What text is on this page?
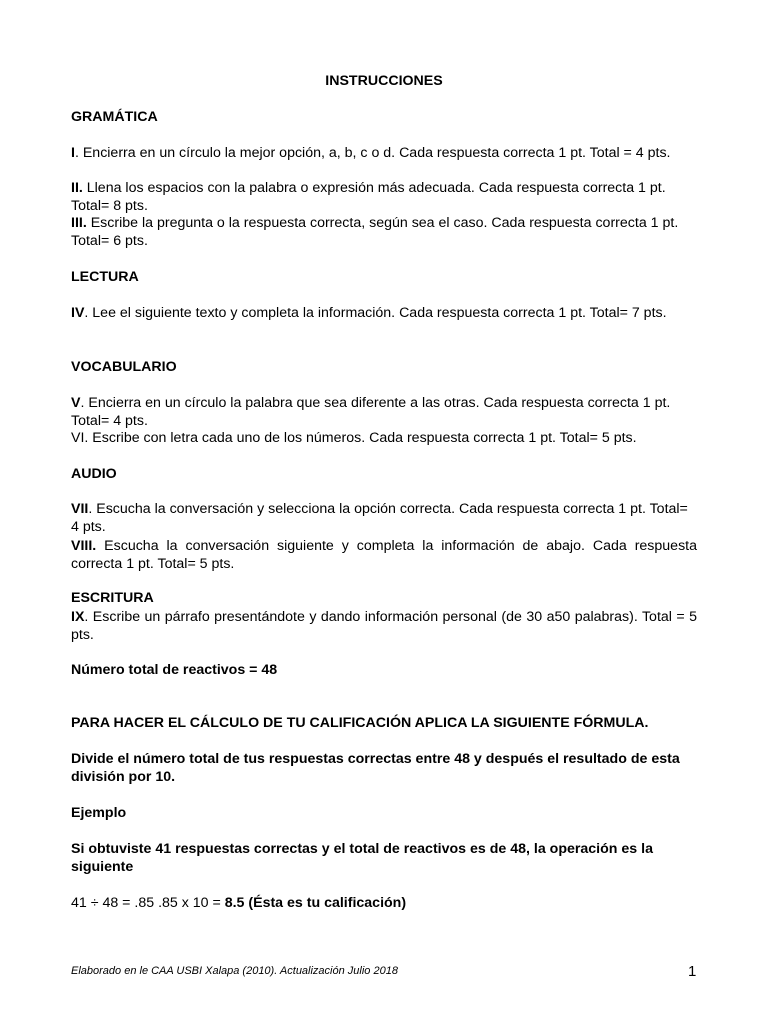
INSTRUCCIONES
GRAMÁTICA
I. Encierra en un círculo la mejor opción, a, b, c o d. Cada respuesta correcta 1 pt. Total = 4 pts.
II. Llena los espacios con la palabra o expresión más adecuada. Cada respuesta correcta 1 pt. Total= 8 pts.
III. Escribe la pregunta o la respuesta correcta, según sea el caso. Cada respuesta correcta 1 pt. Total= 6 pts.
LECTURA
IV. Lee el siguiente texto y completa la información. Cada respuesta correcta 1 pt. Total= 7 pts.
VOCABULARIO
V. Encierra en un círculo la palabra que sea diferente a las otras. Cada respuesta correcta 1 pt. Total= 4 pts.
VI. Escribe con letra cada uno de los números. Cada respuesta correcta 1 pt. Total= 5 pts.
AUDIO
VII. Escucha la conversación y selecciona la opción correcta. Cada respuesta correcta 1 pt. Total= 4 pts.
VIII. Escucha la conversación siguiente y completa la información de abajo. Cada respuesta correcta 1 pt. Total= 5 pts.
ESCRITURA
IX. Escribe un párrafo presentándote y dando información personal (de 30 a50 palabras). Total = 5 pts.
Número total de reactivos = 48
PARA HACER EL CÁLCULO DE TU CALIFICACIÓN APLICA LA SIGUIENTE FÓRMULA.
Divide el número total de tus respuestas correctas entre 48 y después el resultado de esta división por 10.
Ejemplo
Si obtuviste 41 respuestas correctas y el total de reactivos es de 48, la operación es la siguiente
41 ÷ 48 = .85 .85 x 10 = 8.5 (Ésta es tu calificación)
Elaborado en le CAA USBI Xalapa (2010). Actualización Julio 2018	1
